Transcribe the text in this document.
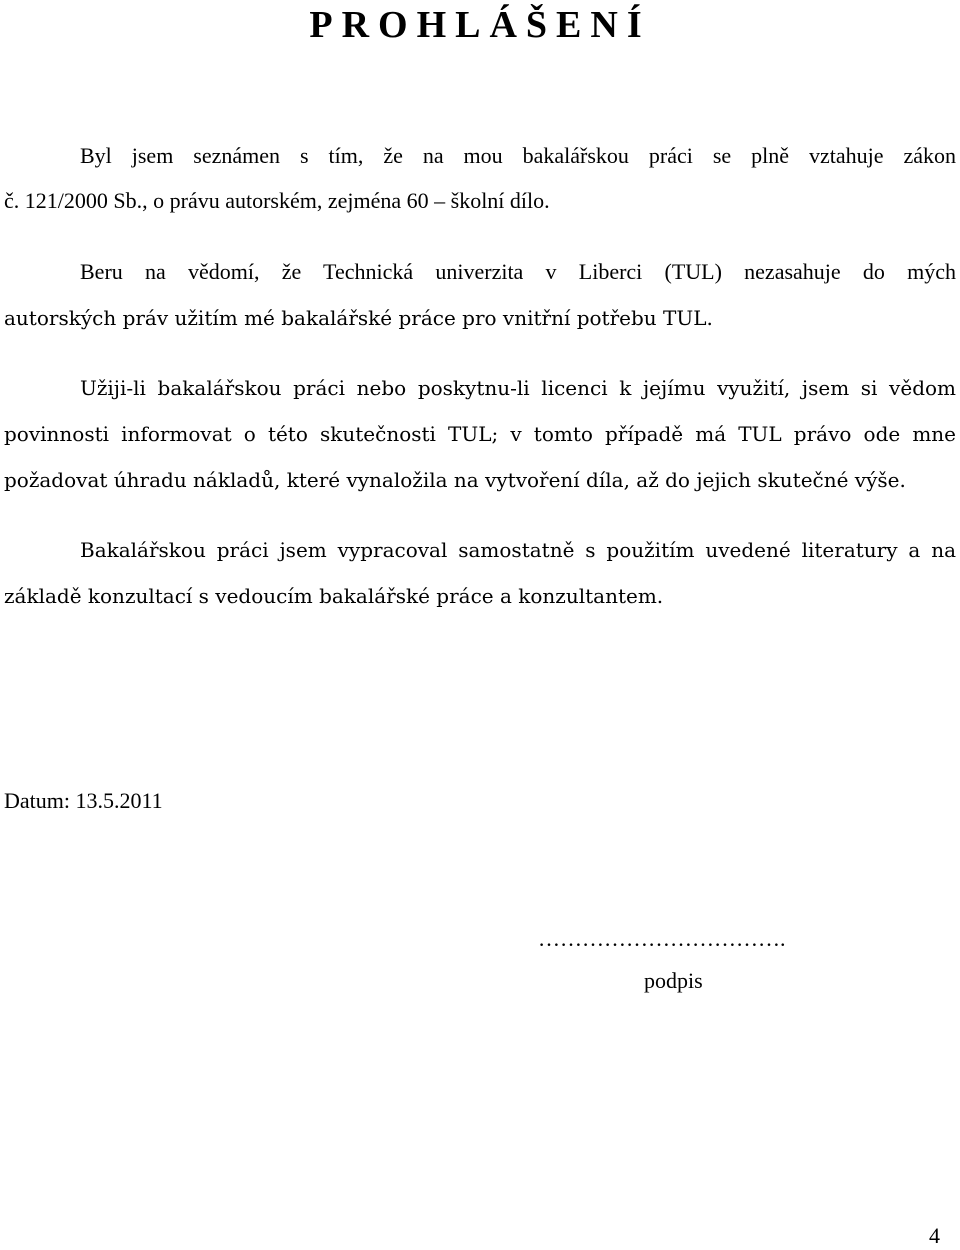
PROHLÁŠENÍ
Byl jsem seznámen s tím, že na mou bakalářskou práci se plně vztahuje zákon
č. 121/2000 Sb., o právu autorském, zejména 60 – školní dílo.
Beru na vědomí, že Technická univerzita v Liberci (TUL) nezasahuje do mých
autorských práv užitím mé bakalářské práce pro vnitřní potřebu TUL.
Užiji-li bakalářskou práci nebo poskytnu-li licenci k jejímu využití, jsem si vědom
povinnosti informovat o této skutečnosti TUL; v tomto případě má TUL právo ode mne
požadovat úhradu nákladů, které vynaložila na vytvoření díla, až do jejich skutečné výše.
Bakalářskou práci jsem vypracoval samostatně s použitím uvedené literatury a na
základě konzultací s vedoucím bakalářské práce a konzultantem.
Datum: 13.5.2011
…………………………….
podpis
4
